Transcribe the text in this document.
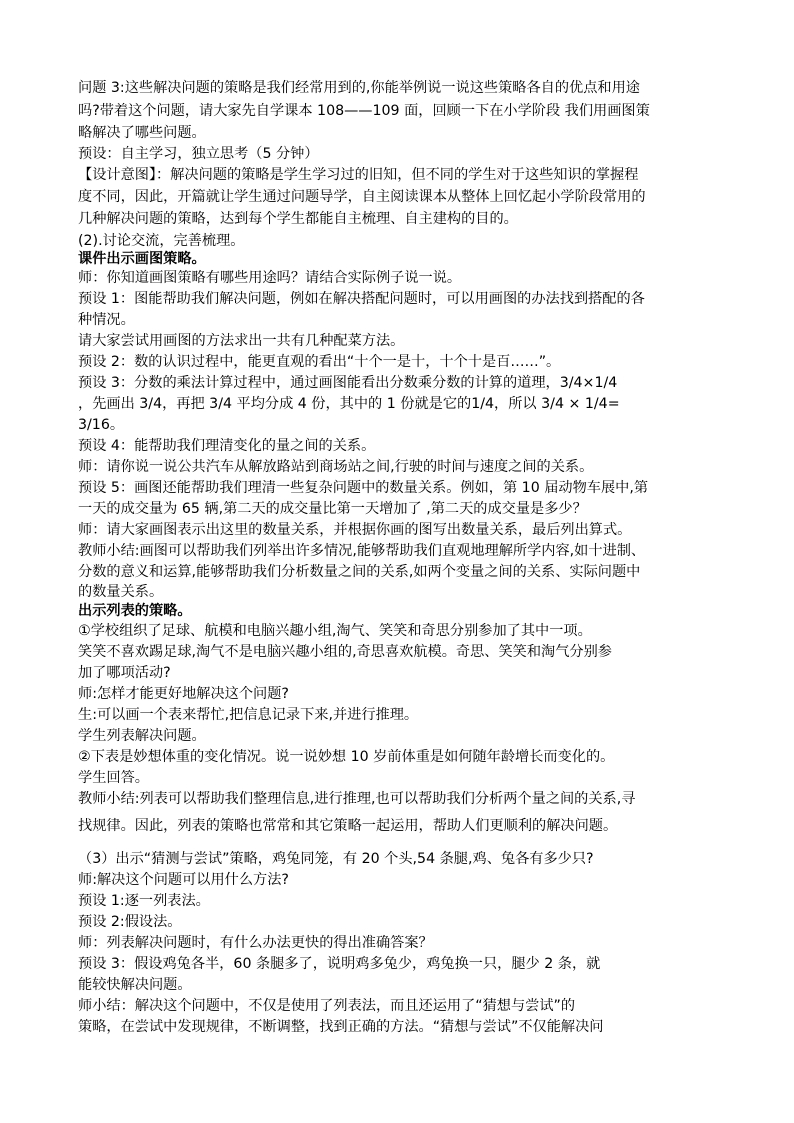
问题 3:这些解决问题的策略是我们经常用到的,你能举例说一说这些策略各自的优点和用途
吗?带着这个问题，请大家先自学课本 108——109 面，回顾一下在小学阶段 我们用画图策
略解决了哪些问题。
预设：自主学习，独立思考（5 分钟）
【设计意图】：解决问题的策略是学生学习过的旧知，但不同的学生对于这些知识的掌握程
度不同，因此，开篇就让学生通过问题导学，自主阅读课本从整体上回忆起小学阶段常用的
几种解决问题的策略，达到每个学生都能自主梳理、自主建构的目的。
(2).讨论交流，完善梳理。
课件出示画图策略。
师：你知道画图策略有哪些用途吗？请结合实际例子说一说。
预设 1：图能帮助我们解决问题，例如在解决搭配问题时，可以用画图的办法找到搭配的各
种情况。
请大家尝试用画图的方法求出一共有几种配菜方法。
预设 2：数的认识过程中，能更直观的看出“十个一是十，十个十是百……”。
预设 3：分数的乘法计算过程中，通过画图能看出分数乘分数的计算的道理，3/4×1/4
，先画出 3/4，再把 3/4 平均分成 4 份，其中的 1 份就是它的1/4，所以 3/4 × 1/4=
3/16。
预设 4：能帮助我们理清变化的量之间的关系。
师：请你说一说公共汽车从解放路站到商场站之间,行驶的时间与速度之间的关系。
预设 5：画图还能帮助我们理清一些复杂问题中的数量关系。例如，第 10 届动物车展中,第
一天的成交量为 65 辆,第二天的成交量比第一天增加了 ,第二天的成交量是多少？
师：请大家画图表示出这里的数量关系，并根据你画的图写出数量关系，最后列出算式。
教师小结:画图可以帮助我们列举出许多情况,能够帮助我们直观地理解所学内容,如十进制、
分数的意义和运算,能够帮助我们分析数量之间的关系,如两个变量之间的关系、实际问题中
的数量关系。
出示列表的策略。
①学校组织了足球、航模和电脑兴趣小组,淘气、笑笑和奇思分别参加了其中一项。
笑笑不喜欢踢足球,淘气不是电脑兴趣小组的,奇思喜欢航模。奇思、笑笑和淘气分别参
加了哪项活动?
师:怎样才能更好地解决这个问题?
生:可以画一个表来帮忙,把信息记录下来,并进行推理。
学生列表解决问题。
②下表是妙想体重的变化情况。说一说妙想 10 岁前体重是如何随年龄增长而变化的。
学生回答。
教师小结:列表可以帮助我们整理信息,进行推理,也可以帮助我们分析两个量之间的关系,寻
找规律。因此，列表的策略也常常和其它策略一起运用，帮助人们更顺利的解决问题。
（3）出示“猜测与尝试”策略，鸡兔同笼，有 20 个头,54 条腿,鸡、兔各有多少只?
师:解决这个问题可以用什么方法?
预设 1:逐一列表法。
预设 2:假设法。
师：列表解决问题时，有什么办法更快的得出准确答案？
预设 3：假设鸡兔各半，60 条腿多了，说明鸡多兔少，鸡兔换一只，腿少 2 条，就
能较快解决问题。
师小结：解决这个问题中，不仅是使用了列表法，而且还运用了“猜想与尝试”的
策略，在尝试中发现规律，不断调整，找到正确的方法。“猜想与尝试”不仅能解决问
